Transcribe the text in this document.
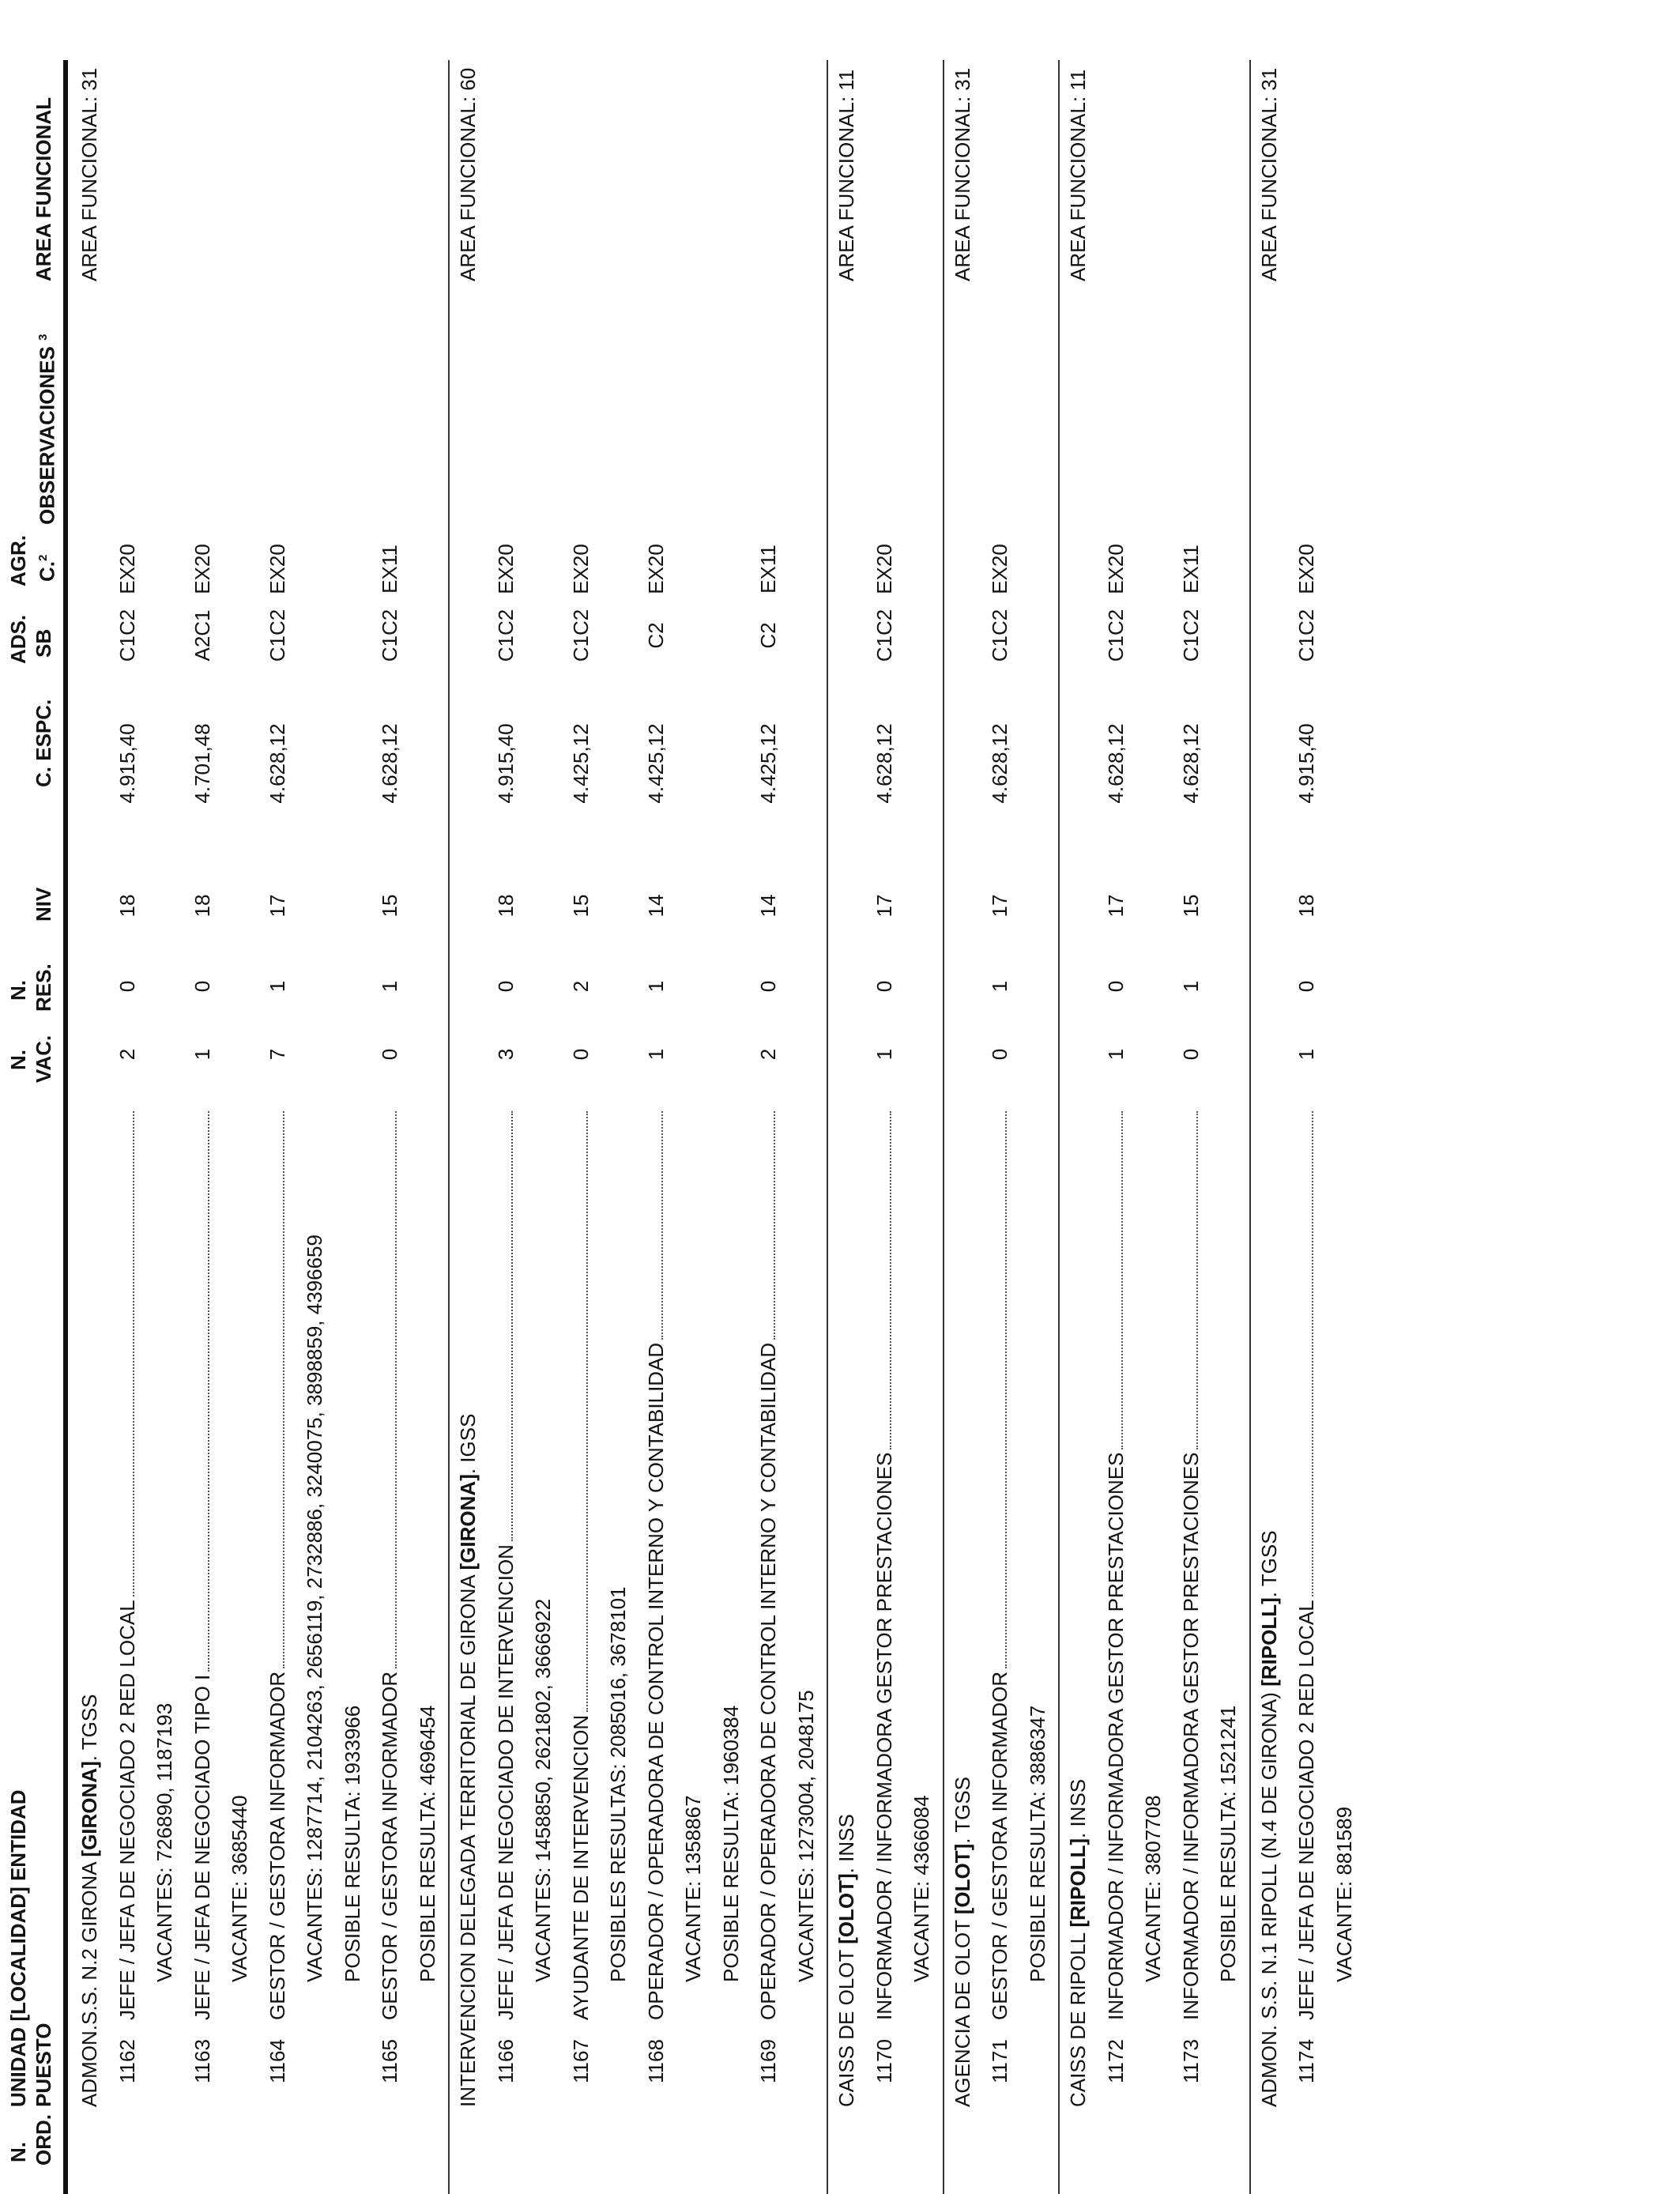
N. ORD.
UNIDAD [LOCALIDAD] ENTIDAD PUESTO
N. VAC.
N. RES.
NIV
C. ESPC.
ADS. SB
AGR. C.$^2$
OBSERVACIONES $^3$
AREA FUNCIONAL
ADMON.S.S. N.2 GIRONA [GIRONA]. TGSS
AREA FUNCIONAL: 31
1162
JEFE / JEFA DE NEGOCIADO 2 RED LOCAL
2
0
18
4.915,40
C1C2
EX20
VACANTES: 726890, 1187193
1163
JEFE / JEFA DE NEGOCIADO TIPO I
1
0
18
4.701,48
A2C1
EX20
VACANTE: 3685440
1164
GESTOR / GESTORA INFORMADOR
7
1
17
4.628,12
C1C2
EX20
VACANTES: 1287714, 2104263, 2656119, 2732886, 3240075, 3898859, 4396659 POSIBLE RESULTA: 1933966
1165
GESTOR / GESTORA INFORMADOR
0
1
15
4.628,12
C1C2
EX11
POSIBLE RESULTA: 4696454 INTERVENCION DELEGADA TERRITORIAL DE GIRONA [GIRONA]. IGSS
AREA FUNCIONAL: 60
1166
JEFE / JEFA DE NEGOCIADO DE INTERVENCION
3
0
18
4.915,40
C1C2
EX20
VACANTES: 1458850, 2621802, 3666922
1167
AYUDANTE DE INTERVENCION
0
2
15
4.425,12
C1C2
EX20
POSIBLES RESULTAS: 2085016, 3678101
1168
OPERADOR / OPERADORA DE CONTROL INTERNO Y CONTABILIDAD
1
1
14
4.425,12
C2
EX20
VACANTE: 1358867 POSIBLE RESULTA: 1960384
1169
OPERADOR / OPERADORA DE CONTROL INTERNO Y CONTABILIDAD
2
0
14
4.425,12
C2
EX11
VACANTES: 1273004, 2048175
CAISS DE OLOT [OLOT]. INSS
AREA FUNCIONAL: 11
1170
INFORMADOR / INFORMADORA GESTOR PRESTACIONES
1
0
17
4.628,12
C1C2
EX20
VACANTE: 4366084
AGENCIA DE OLOT [OLOT]. TGSS
AREA FUNCIONAL: 31
1171
GESTOR / GESTORA INFORMADOR
0
1
17
4.628,12
C1C2
EX20
POSIBLE RESULTA: 3886347
CAISS DE RIPOLL [RIPOLL]. INSS
AREA FUNCIONAL: 11
1172
INFORMADOR / INFORMADORA GESTOR PRESTACIONES
1
0
17
4.628,12
C1C2
EX20
VACANTE: 3807708
1173
INFORMADOR / INFORMADORA GESTOR PRESTACIONES
0
1
15
4.628,12
C1C2
EX11
POSIBLE RESULTA: 1521241 ADMON. S.S. N.1 RIPOLL (N.4 DE GIRONA) [RIPOLL]. TGSS
AREA FUNCIONAL: 31
1174
JEFE / JEFA DE NEGOCIADO 2 RED LOCAL
1
0
18
4.915,40
C1C2
EX20
VACANTE: 881589
